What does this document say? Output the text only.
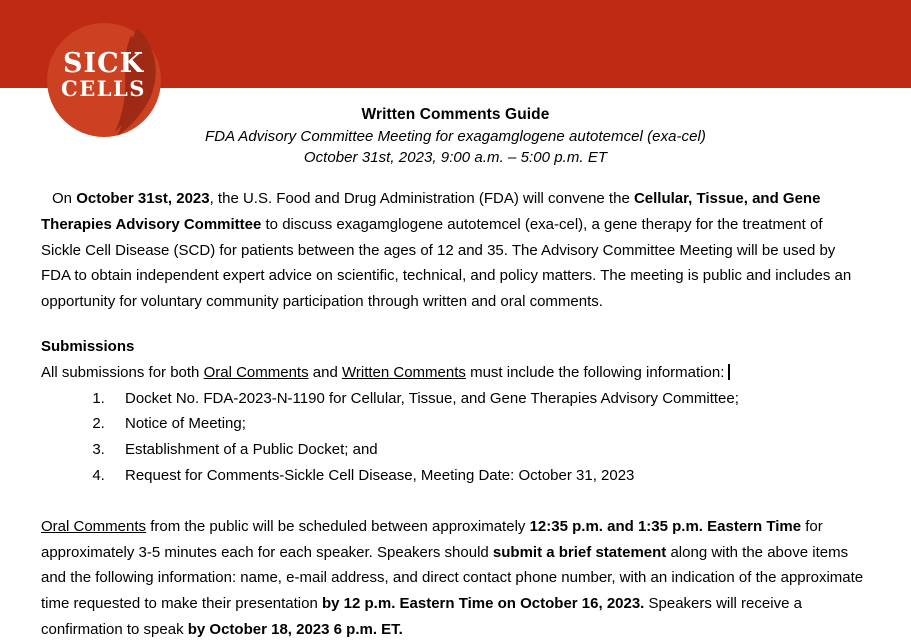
SICK
CELLS
Written Comments Guide
FDA Advisory Committee Meeting for exagamglogene autotemcel (exa-cel)
October 31st, 2023, 9:00 a.m. – 5:00 p.m. ET

On October 31st, 2023, the U.S. Food and Drug Administration (FDA) will convene the Cellular, Tissue, and Gene Therapies Advisory Committee to discuss exagamglogene autotemcel (exa-cel), a gene therapy for the treatment of Sickle Cell Disease (SCD) for patients between the ages of 12 and 35. The Advisory Committee Meeting will be used by FDA to obtain independent expert advice on scientific, technical, and policy matters. The meeting is public and includes an opportunity for voluntary community participation through written and oral comments.

Submissions

All submissions for both Oral Comments and Written Comments must include the following information:

1. Docket No. FDA-2023-N-1190 for Cellular, Tissue, and Gene Therapies Advisory Committee;
2. Notice of Meeting;
3. Establishment of a Public Docket; and
4. Request for Comments-Sickle Cell Disease, Meeting Date: October 31, 2023

Oral Comments from the public will be scheduled between approximately 12:35 p.m. and 1:35 p.m. Eastern Time for approximately 3-5 minutes each for each speaker. Speakers should submit a brief statement along with the above items and the following information: name, e-mail address, and direct contact phone number, with an indication of the approximate time requested to make their presentation by 12 p.m. Eastern Time on October 16, 2023. Speakers will receive a confirmation to speak by October 18, 2023 6 p.m. ET.
